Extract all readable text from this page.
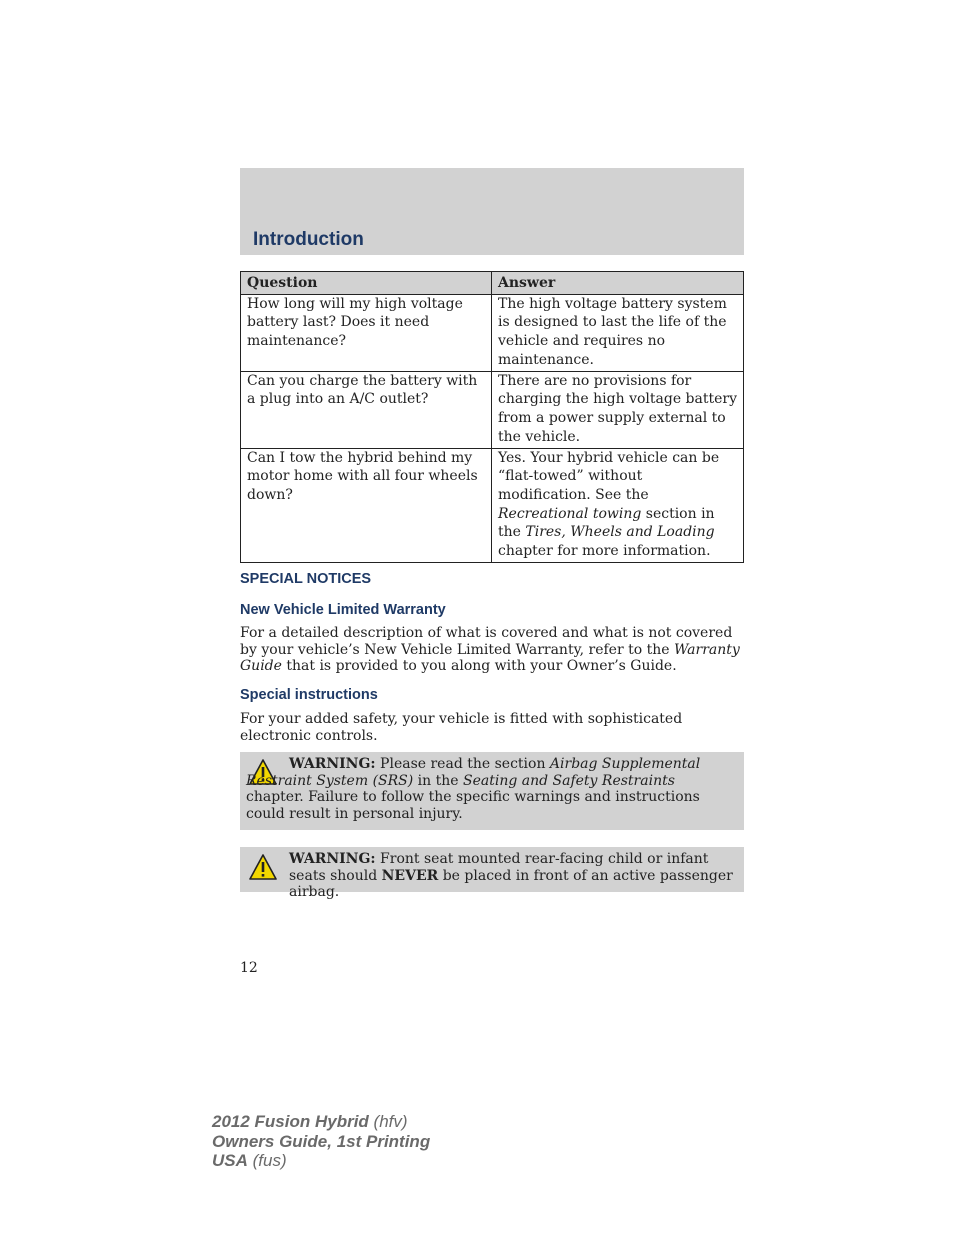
Introduction
Question	Answer
How long will my high voltage battery last? Does it need maintenance?	The high voltage battery system is designed to last the life of the vehicle and requires no maintenance.
Can you charge the battery with a plug into an A/C outlet?	There are no provisions for charging the high voltage battery from a power supply external to the vehicle.
Can I tow the hybrid behind my motor home with all four wheels down?	Yes. Your hybrid vehicle can be “flat-towed” without modification. See the Recreational towing section in the Tires, Wheels and Loading chapter for more information.
SPECIAL NOTICES
New Vehicle Limited Warranty
For a detailed description of what is covered and what is not covered by your vehicle’s New Vehicle Limited Warranty, refer to the Warranty Guide that is provided to you along with your Owner’s Guide.
Special instructions
For your added safety, your vehicle is fitted with sophisticated electronic controls.
WARNING: Please read the section Airbag Supplemental Restraint System (SRS) in the Seating and Safety Restraints chapter. Failure to follow the specific warnings and instructions could result in personal injury.
WARNING: Front seat mounted rear-facing child or infant seats should NEVER be placed in front of an active passenger airbag.
12
2012 Fusion Hybrid (hfv)
Owners Guide, 1st Printing
USA (fus)
